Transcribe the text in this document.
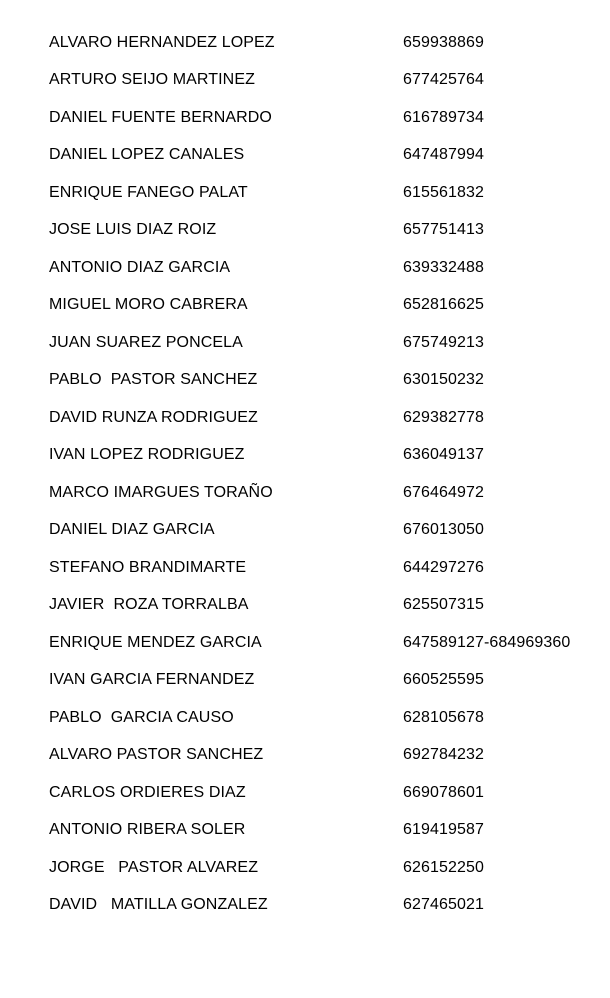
ALVARO HERNANDEZ LOPEZ	659938869
ARTURO SEIJO MARTINEZ	677425764
DANIEL FUENTE BERNARDO	616789734
DANIEL LOPEZ CANALES	647487994
ENRIQUE FANEGO PALAT	615561832
JOSE LUIS DIAZ ROIZ	657751413
ANTONIO DIAZ GARCIA	639332488
MIGUEL MORO CABRERA	652816625
JUAN SUAREZ PONCELA	675749213
PABLO  PASTOR SANCHEZ	630150232
DAVID RUNZA RODRIGUEZ	629382778
IVAN LOPEZ RODRIGUEZ	636049137
MARCO IMARGUES TORAÑO	676464972
DANIEL DIAZ GARCIA	676013050
STEFANO BRANDIMARTE	644297276
JAVIER  ROZA TORRALBA	625507315
ENRIQUE MENDEZ GARCIA	647589127-684969360
IVAN GARCIA FERNANDEZ	660525595
PABLO  GARCIA CAUSO	628105678
ALVARO PASTOR SANCHEZ	692784232
CARLOS ORDIERES DIAZ	669078601
ANTONIO RIBERA SOLER	619419587
JORGE   PASTOR ALVAREZ	626152250
DAVID   MATILLA GONZALEZ	627465021
